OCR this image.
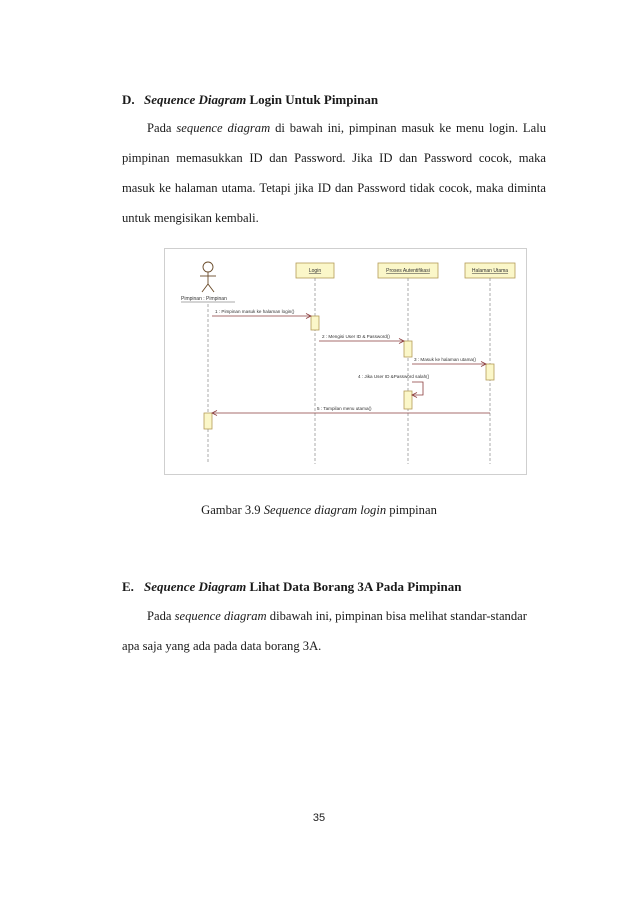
D. Sequence Diagram Login Untuk Pimpinan
Pada sequence diagram di bawah ini, pimpinan masuk ke menu login. Lalu
pimpinan memasukkan ID dan Password. Jika ID dan Password cocok, maka
masuk ke halaman utama. Tetapi jika ID dan Password tidak cocok, maka diminta
untuk mengisikan kembali.
Pimpinan : Pimpinan
Login	Proses Autentifikasi	Halaman Utama
1 : Pimpinan masuk ke halaman login()
2 : Mengisi User ID & Password()
3 : Masuk ke halaman utama()
4 : Jika User ID &Password salah()
5 : Tampilan menu utama()
Gambar 3.9 Sequence diagram login pimpinan
E. Sequence Diagram Lihat Data Borang 3A Pada Pimpinan
Pada sequence diagram dibawah ini, pimpinan bisa melihat standar-standar
apa saja yang ada pada data borang 3A.
35
